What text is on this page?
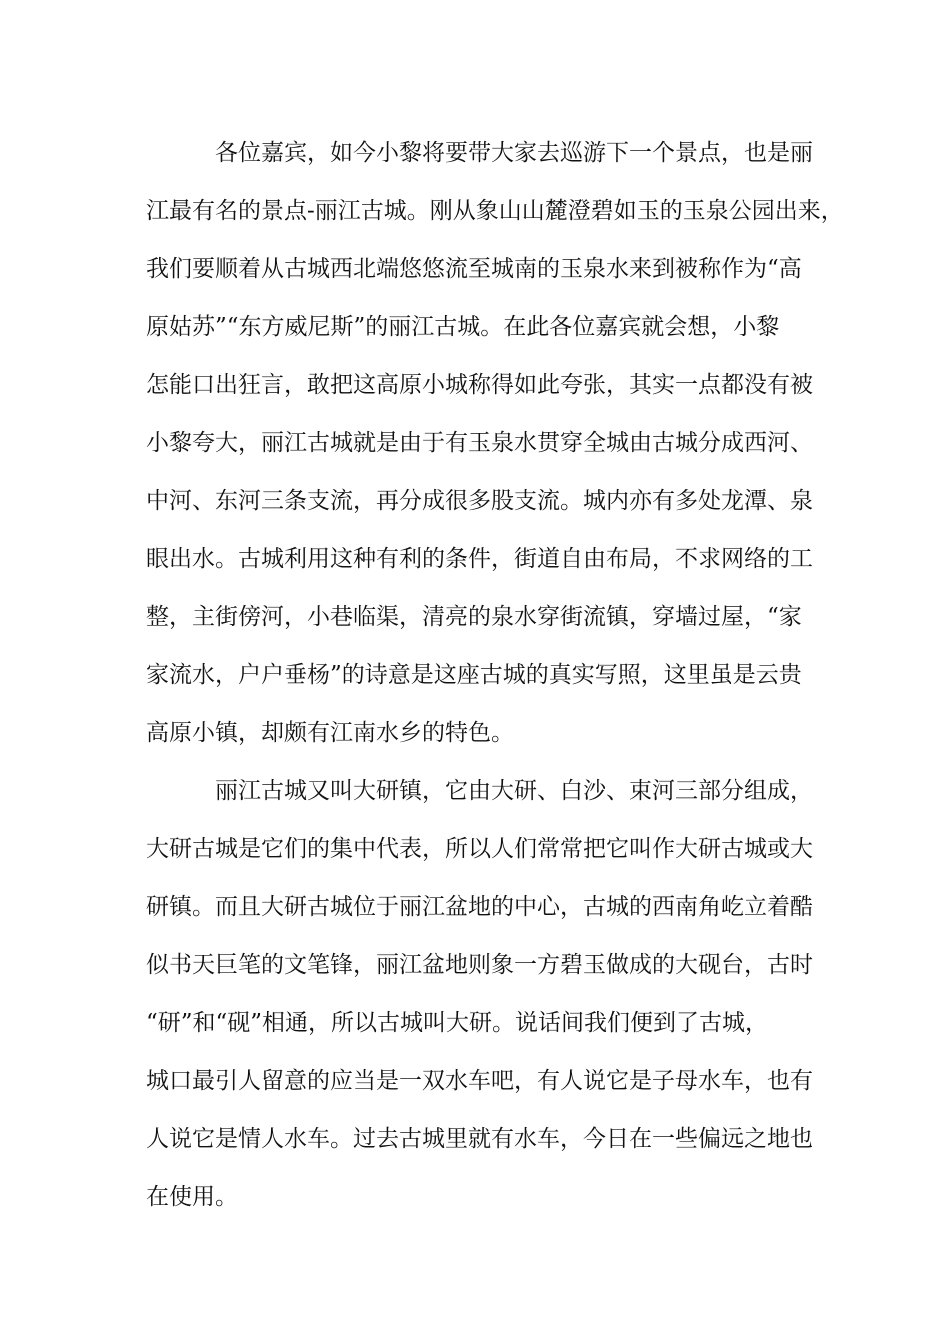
各位嘉宾，如今小黎将要带大家去巡游下一个景点，也是丽
江最有名的景点-丽江古城。刚从象山山麓澄碧如玉的玉泉公园出来，
我们要顺着从古城西北端悠悠流至城南的玉泉水来到被称作为“高
原姑苏”“东方威尼斯”的丽江古城。在此各位嘉宾就会想，小黎
怎能口出狂言，敢把这高原小城称得如此夸张，其实一点都没有被
小黎夸大，丽江古城就是由于有玉泉水贯穿全城由古城分成西河、
中河、东河三条支流，再分成很多股支流。城内亦有多处龙潭、泉
眼出水。古城利用这种有利的条件，街道自由布局，不求网络的工
整，主街傍河，小巷临渠，清亮的泉水穿街流镇，穿墙过屋，“家
家流水，户户垂杨”的诗意是这座古城的真实写照，这里虽是云贵
高原小镇，却颇有江南水乡的特色。
丽江古城又叫大研镇，它由大研、白沙、束河三部分组成，
大研古城是它们的集中代表，所以人们常常把它叫作大研古城或大
研镇。而且大研古城位于丽江盆地的中心，古城的西南角屹立着酷
似书天巨笔的文笔锋，丽江盆地则象一方碧玉做成的大砚台，古时
“研”和“砚”相通，所以古城叫大研。说话间我们便到了古城，
城口最引人留意的应当是一双水车吧，有人说它是子母水车，也有
人说它是情人水车。过去古城里就有水车，今日在一些偏远之地也
在使用。
